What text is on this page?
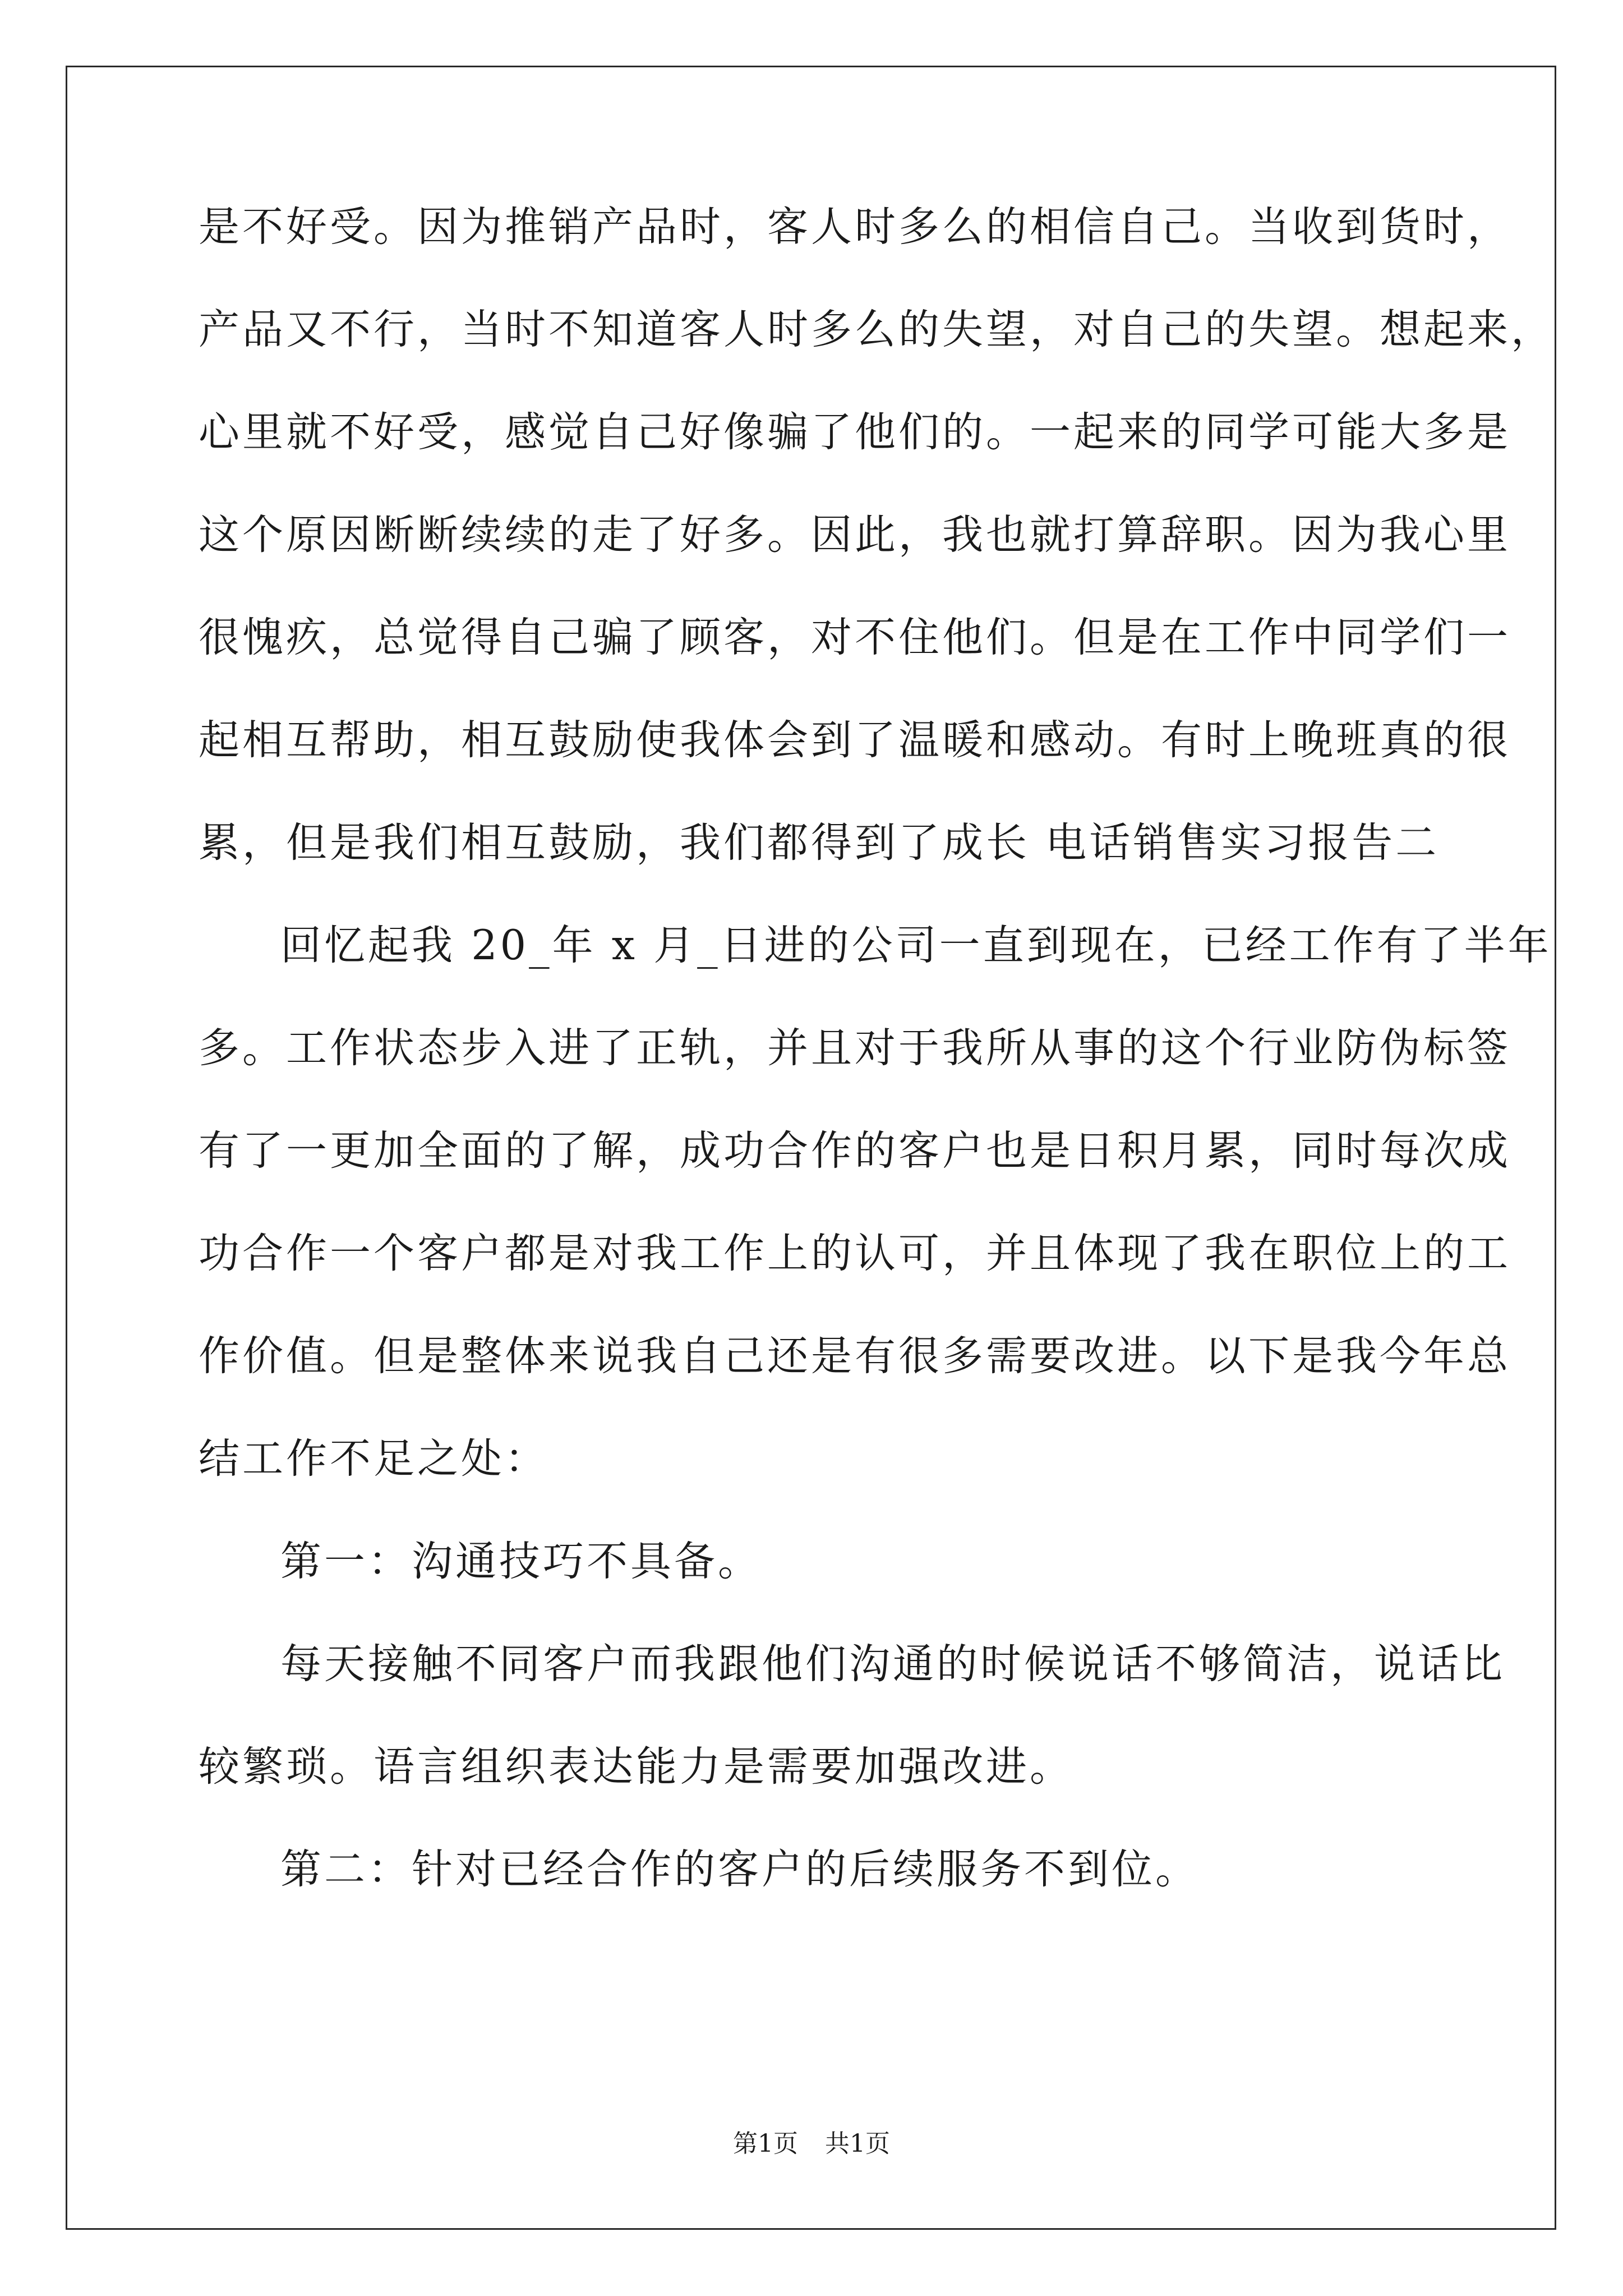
是不好受。因为推销产品时，客人时多么的相信自己。当收到货时，
产品又不行，当时不知道客人时多么的失望，对自己的失望。想起来，
心里就不好受，感觉自己好像骗了他们的。一起来的同学可能大多是
这个原因断断续续的走了好多。因此，我也就打算辞职。因为我心里
很愧疚，总觉得自己骗了顾客，对不住他们。但是在工作中同学们一
起相互帮助，相互鼓励使我体会到了温暖和感动。有时上晚班真的很
累，但是我们相互鼓励，我们都得到了成长 电话销售实习报告二
回忆起我 20_年 x 月_日进的公司一直到现在，已经工作有了半年
多。工作状态步入进了正轨，并且对于我所从事的这个行业防伪标签
有了一更加全面的了解，成功合作的客户也是日积月累，同时每次成
功合作一个客户都是对我工作上的认可，并且体现了我在职位上的工
作价值。但是整体来说我自己还是有很多需要改进。以下是我今年总
结工作不足之处：
第一：沟通技巧不具备。
每天接触不同客户而我跟他们沟通的时候说话不够简洁，说话比
较繁琐。语言组织表达能力是需要加强改进。
第二：针对已经合作的客户的后续服务不到位。
第1页 共1页
